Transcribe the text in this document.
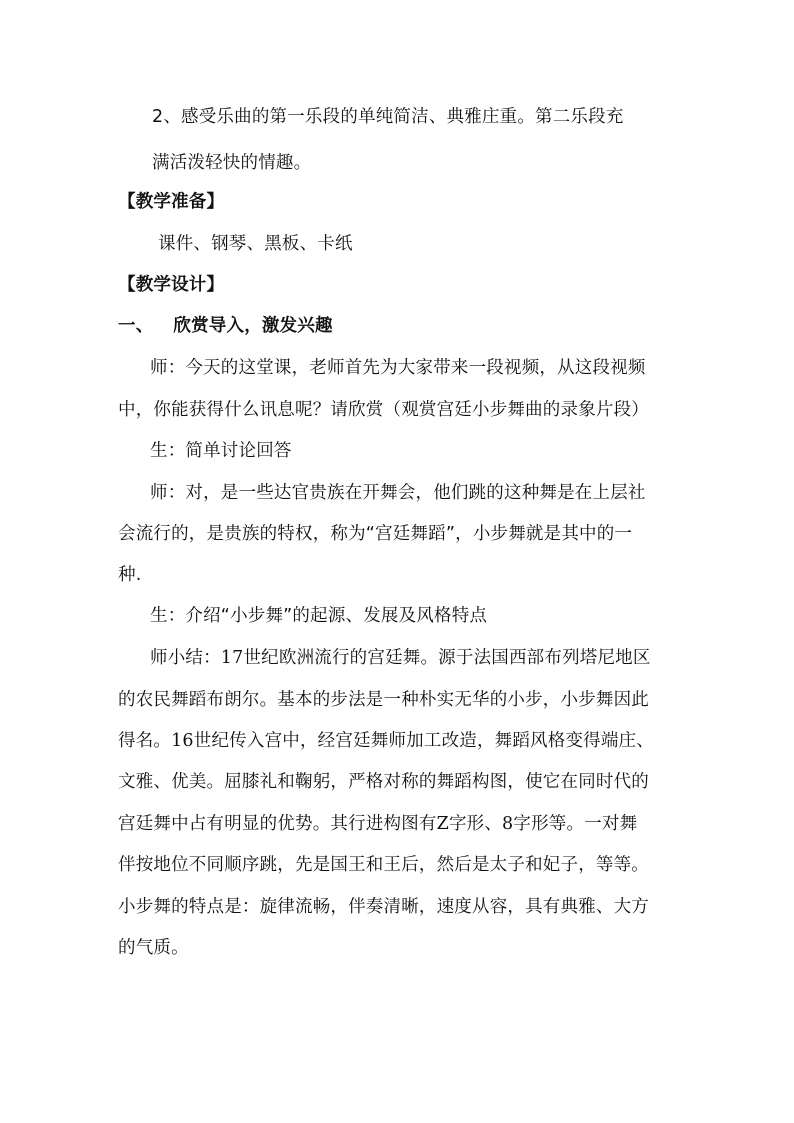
2、感受乐曲的第一乐段的单纯简洁、典雅庄重。第二乐段充
满活泼轻快的情趣。
【教学准备】
课件、钢琴、黑板、卡纸
【教学设计】
一、 欣赏导入，激发兴趣
师：今天的这堂课，老师首先为大家带来一段视频，从这段视频
中，你能获得什么讯息呢？请欣赏（观赏宫廷小步舞曲的录象片段）
生：简单讨论回答
师：对，是一些达官贵族在开舞会，他们跳的这种舞是在上层社
会流行的，是贵族的特权，称为“宫廷舞蹈”，小步舞就是其中的一
种.
生：介绍“小步舞”的起源、发展及风格特点
师小结：17世纪欧洲流行的宫廷舞。源于法国西部布列塔尼地区
的农民舞蹈布朗尔。基本的步法是一种朴实无华的小步，小步舞因此
得名。16世纪传入宫中，经宫廷舞师加工改造，舞蹈风格变得端庄、
文雅、优美。屈膝礼和鞠躬，严格对称的舞蹈构图，使它在同时代的
宫廷舞中占有明显的优势。其行进构图有Z字形、8字形等。一对舞
伴按地位不同顺序跳，先是国王和王后，然后是太子和妃子，等等。
小步舞的特点是：旋律流畅，伴奏清晰，速度从容，具有典雅、大方
的气质。
